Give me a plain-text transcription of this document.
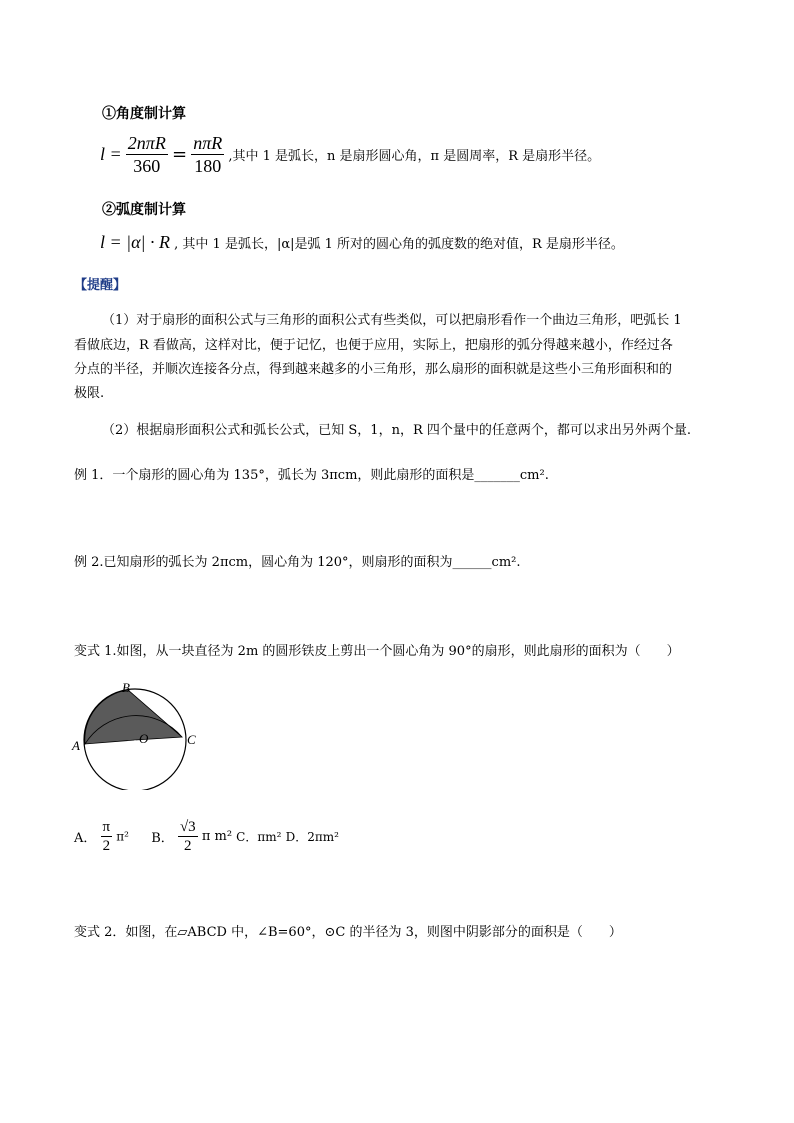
①角度制计算
$l = \frac{\text{2nπR}}{360} = \frac{\text{nπR}}{180}$ ,其中 1 是弧长，n 是扇形圆心角，π 是圆周率，R 是扇形半径。
②弧度制计算
l = |α| · R , 其中 1 是弧长，|α|是弧 1 所对的圆心角的弧度数的绝对值，R 是扇形半径。
【提醒】
（1）对于扇形的面积公式与三角形的面积公式有些类似，可以把扇形看作一个曲边三角形，吧弧长 1
看做底边，R 看做高，这样对比，便于记忆，也便于应用，实际上，把扇形的弧分得越来越小，作经过各
分点的半径，并顺次连接各分点，得到越来越多的小三角形，那么扇形的面积就是这些小三角形面积和的
极限.
（2）根据扇形面积公式和弧长公式，已知 S，1，n，R 四个量中的任意两个，都可以求出另外两个量.
例 1．一个扇形的圆心角为 135°，弧长为 3πcm，则此扇形的面积是_______cm².
例 2.已知扇形的弧长为 2πcm，圆心角为 120°，则扇形的面积为______cm².
变式 1.如图，从一块直径为 2m 的圆形铁皮上剪出一个圆心角为 90°的扇形，则此扇形的面积为（　　）
B
A	C
O
A． $\frac{\pi}{2} \pi^2$ B． $\frac{√3}{2}$ π m² C．πm² D．2πm²
变式 2．如图，在▱ABCD 中，∠B=60°，⊙C 的半径为 3，则图中阴影部分的面积是（　　）
